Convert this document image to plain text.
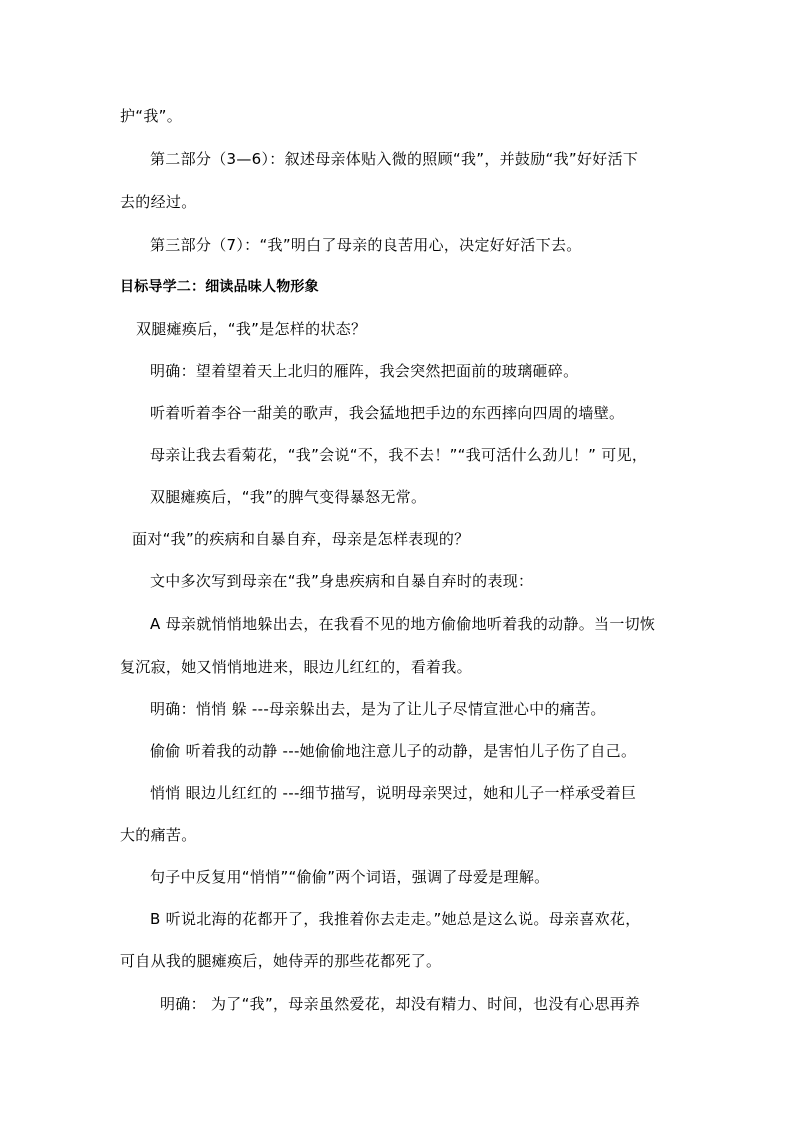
护“我”。
第二部分（3—6）：叙述母亲体贴入微的照顾“我”，并鼓励“我”好好活下
去的经过。
第三部分（7）：“我”明白了母亲的良苦用心，决定好好活下去。
目标导学二：细读品味人物形象
双腿瘫痪后，“我”是怎样的状态？
明确：望着望着天上北归的雁阵，我会突然把面前的玻璃砸碎。
听着听着李谷一甜美的歌声，我会猛地把手边的东西摔向四周的墙壁。
母亲让我去看菊花，“我”会说“不，我不去！”“我可活什么劲儿！” 可见，
双腿瘫痪后，“我”的脾气变得暴怒无常。
面对“我”的疾病和自暴自弃，母亲是怎样表现的？
文中多次写到母亲在“我”身患疾病和自暴自弃时的表现：
A 母亲就悄悄地躲出去，在我看不见的地方偷偷地听着我的动静。当一切恢
复沉寂，她又悄悄地进来，眼边儿红红的，看着我。
明确：悄悄 躲 ---母亲躲出去，是为了让儿子尽情宣泄心中的痛苦。
偷偷 听着我的动静 ---她偷偷地注意儿子的动静，是害怕儿子伤了自己。
悄悄 眼边儿红红的 ---细节描写，说明母亲哭过，她和儿子一样承受着巨
大的痛苦。
句子中反复用“悄悄”“偷偷”两个词语，强调了母爱是理解。
B 听说北海的花都开了，我推着你去走走。”她总是这么说。母亲喜欢花，
可自从我的腿瘫痪后，她侍弄的那些花都死了。
明确： 为了“我”，母亲虽然爱花，却没有精力、时间，也没有心思再养
